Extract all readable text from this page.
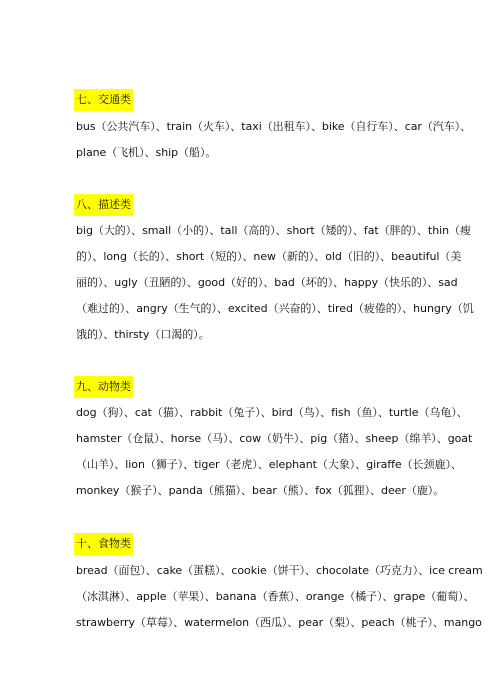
七、交通类
bus（公共汽车）、train（火车）、taxi（出租车）、bike（自行车）、car（汽车）、
plane（飞机）、ship（船）。
八、描述类
big（大的）、small（小的）、tall（高的）、short（矮的）、fat（胖的）、thin（瘦
的）、long（长的）、short（短的）、new（新的）、old（旧的）、beautiful（美
丽的）、ugly（丑陋的）、good（好的）、bad（坏的）、happy（快乐的）、sad
（难过的）、angry（生气的）、excited（兴奋的）、tired（疲倦的）、hungry（饥
饿的）、thirsty（口渴的）。
九、动物类
dog（狗）、cat（猫）、rabbit（兔子）、bird（鸟）、fish（鱼）、turtle（乌龟）、
hamster（仓鼠）、horse（马）、cow（奶牛）、pig（猪）、sheep（绵羊）、goat
（山羊）、lion（狮子）、tiger（老虎）、elephant（大象）、giraffe（长颈鹿）、
monkey（猴子）、panda（熊猫）、bear（熊）、fox（狐狸）、deer（鹿）。
十、食物类
bread（面包）、cake（蛋糕）、cookie（饼干）、chocolate（巧克力）、ice cream
（冰淇淋）、apple（苹果）、banana（香蕉）、orange（橘子）、grape（葡萄）、
strawberry（草莓）、watermelon（西瓜）、pear（梨）、peach（桃子）、mango
